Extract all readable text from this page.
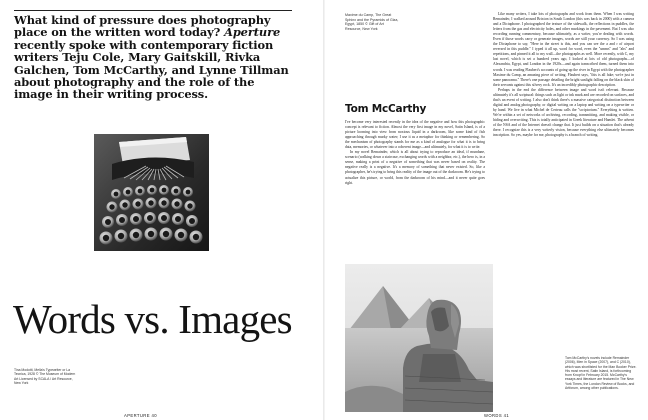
What kind of pressure does photography place on the written word today? Aperture recently spoke with contemporary fiction writers Teju Cole, Mary Gaitskill, Rivka Galchen, Tom McCarthy, and Lynne Tillman about photography and the role of the image in their writing process.
Words vs. Images
Tina Modotti, Mella's Typewriter or La Tecnica, 1928 © The Museum of Modern Art Licensed by SCALA / Art Resource, New York
APERTURE 40
Maxime du Camp, The Great Sphinx and the Pyramids of Giza, Egypt, 1850 © Gift of Art Resource, New York
Tom McCarthy

I've become very interested recently in the idea of the negative and how this photographic concept is relevant to fiction. Almost the very first image in my novel, Satin Island, is of a picture looming into view from noxious liquid in a darkroom, like some kind of fish approaching through murky water; I use it as a metaphor for thinking or remembering. So the mechanism of photography stands for me as a kind of analogue for what it is to bring data, memories, or whatever into a coherent image—and ultimately, for what it is to write.

In my novel Remainder, which is all about trying to reproduce an ideal, if mundane, scenario (walking down a staircase, exchanging words with a neighbor, etc.), the hero is, in a sense, making a print of a negative of something that was never based on reality. The negative really is a negative. It's a memory of something that never existed. So, like a photographer, he's trying to bring this reality of the image out of the darkroom. He's trying to actualize this picture, or world, from the darkroom of his mind—and it never quite goes right.

Like many writers, I take lots of photographs and work from them. When I was writing Remainder, I walked around Brixton in South London (this was back in 2000) with a camera and a Dictaphone. I photographed the texture of the sidewalk, the reflections in puddles, the letters from the gas and electricity holes, and other markings in the pavement. But I was also recording running commentary, because ultimately, as a writer, you're dealing with words. Even if those words carry or generate images, words are still your currency. So I was using the Dictaphone to say, "Here in the street is this, and you can see the a and r of airport reversed in this puddle." I typed it all up, word for word, even the "umms" and "ahs" and repetitions, and pinned it all to my wall—the photographs as well. More recently, with C, my last novel, which is set a hundred years ago, I looked at lots of old photographs—of Alexandria, Egypt, and London in the 1920s—and again transcribed them, turned them into words. I was reading Flaubert's accounts of going up the river in Egypt with the photographer Maxime du Camp, an amazing piece of writing. Flaubert says, "this is all fake; we're just in some panorama." There's one passage detailing the bright sunlight falling on the black skin of their servants against this silvery rock. It's an incredibly photographic description.

Perhaps in the end the difference between image and word isn't relevant. Because ultimately it's all scriptural: things such as light or ink mark and are recorded on surfaces, and that's an event of writing. I also don't think there's a massive categorical distinction between digital and analog photography, or digital writing on a laptop and writing on a typewriter or by hand. We live in what Michel de Certeau calls the "scriptorium." Everything is written. We're within a set of networks of archiving, recording, transmitting, and making visible, or hiding and overwriting. This is totally anticipated in Greek literature and Hamlet. The advent of the NSA and of the Internet doesn't change that. It just builds on a situation that's already there. I recognize this is a very writerly vision, because everything else ultimately becomes inscription. So yes, maybe for me, photography is a branch of writing.

Tom McCarthy's novels include Remainder (2006), Men in Space (2007), and C (2010), which was shortlisted for the Man Booker Prize. His most recent, Satin Island, is forthcoming from Knopf in February 2015. McCarthy's essays and literature are featured in The New York Times, the London Review of Books, and Artforum, among other publications.
WORDS 41
